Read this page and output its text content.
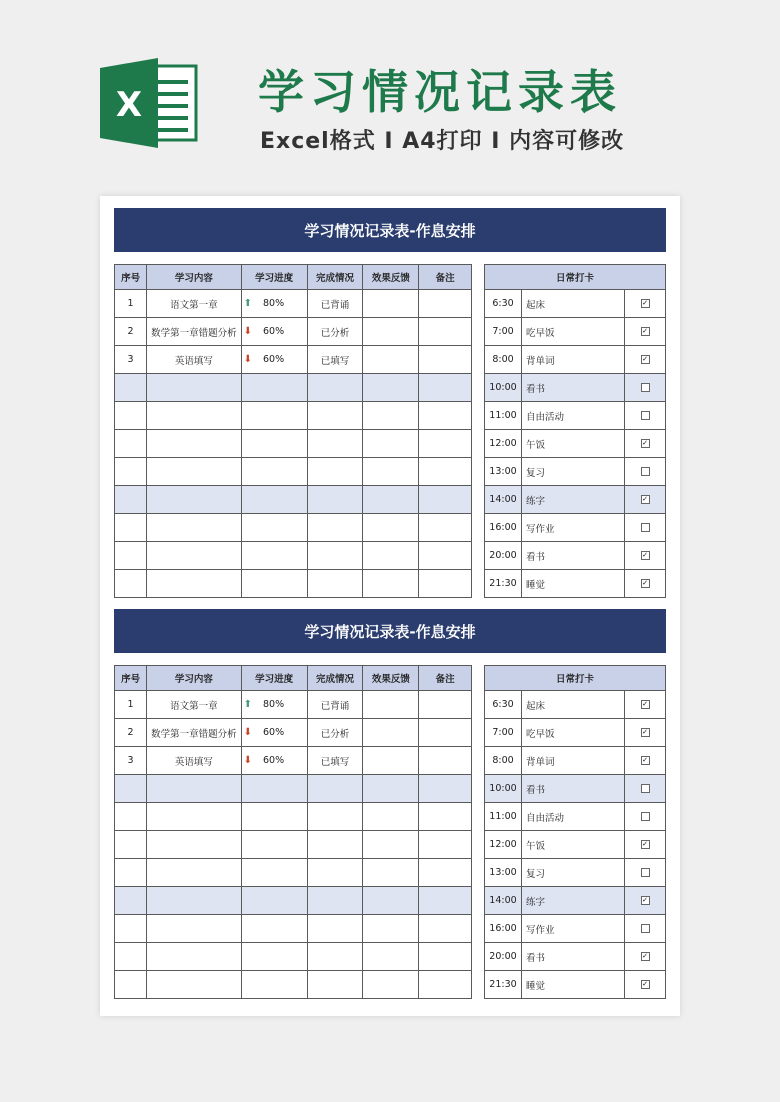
X	学习情况记录表
Excel格式 I A4打印 I 内容可修改
学习情况记录表-作息安排
序号	学习内容	学习进度	完成情况	效果反馈	备注
1	语文第一章	⬆ 80%	已背诵		
2	数学第一章错题分析	⬇ 60%	已分析		
3	英语填写	⬇ 60%	已填写		

日常打卡		
6:30	起床	✓
7:00	吃早饭	✓
8:00	背单词	✓
10:00	看书	
11:00	自由活动	
12:00	午饭	✓
13:00	复习	
14:00	练字	✓
16:00	写作业	
20:00	看书	✓
21:30	睡觉	✓
学习情况记录表-作息安排
序号	学习内容	学习进度	完成情况	效果反馈	备注
1	语文第一章	⬆ 80%	已背诵		
2	数学第一章错题分析	⬇ 60%	已分析		
3	英语填写	⬇ 60%	已填写		

日常打卡		
6:30	起床	✓
7:00	吃早饭	✓
8:00	背单词	✓
10:00	看书	
11:00	自由活动	
12:00	午饭	✓
13:00	复习	
14:00	练字	✓
16:00	写作业	
20:00	看书	✓
21:30	睡觉	✓
